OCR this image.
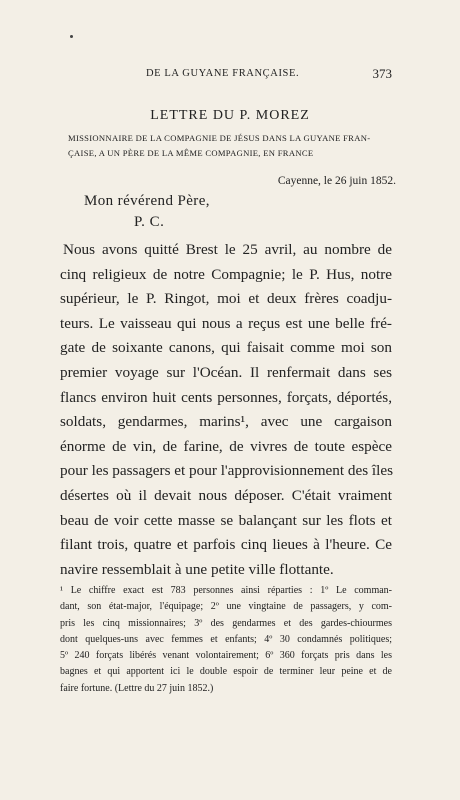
DE LA GUYANE FRANÇAISE.	373
LETTRE DU P. MOREZ
MISSIONNAIRE DE LA COMPAGNIE DE JÉSUS DANS LA GUYANE FRAN-
ÇAISE, A UN PÈRE DE LA MÊME COMPAGNIE, EN FRANCE
Cayenne, le 26 juin 1852.
Mon révérend Père,
P. C.
Nous avons quitté Brest le 25 avril, au nombre de
cinq religieux de notre Compagnie; le P. Hus, notre
supérieur, le P. Ringot, moi et deux frères coadju-
teurs. Le vaisseau qui nous a reçus est une belle fré-
gate de soixante canons, qui faisait comme moi son
premier voyage sur l'Océan. Il renfermait dans ses
flancs environ huit cents personnes, forçats, déportés,
soldats, gendarmes, marins¹, avec une cargaison
énorme de vin, de farine, de vivres de toute espèce
pour les passagers et pour l'approvisionnement des îles
désertes où il devait nous déposer. C'était vraiment
beau de voir cette masse se balançant sur les flots et
filant trois, quatre et parfois cinq lieues à l'heure. Ce
navire ressemblait à une petite ville flottante.
¹ Le chiffre exact est 783 personnes ainsi réparties : 1º Le comman-
dant, son état-major, l'équipage; 2º une vingtaine de passagers, y com-
pris les cinq missionnaires; 3º des gendarmes et des gardes-chiourmes
dont quelques-uns avec femmes et enfants; 4º 30 condamnés politiques;
5º 240 forçats libérés venant volontairement; 6º 360 forçats pris dans les
bagnes et qui apportent ici le double espoir de terminer leur peine et de
faire fortune. (Lettre du 27 juin 1852.)
